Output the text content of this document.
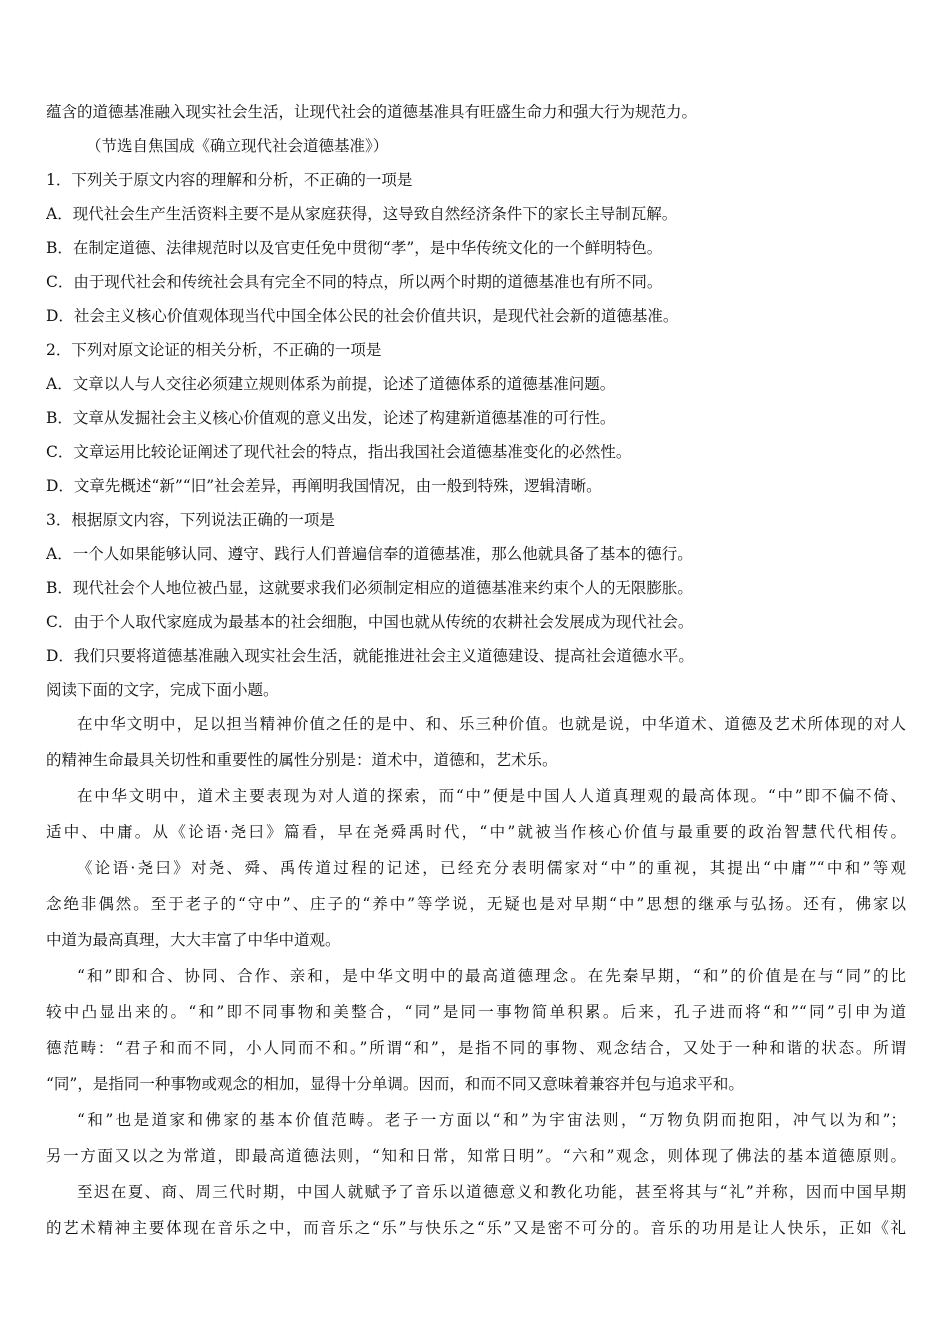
蕴含的道德基准融入现实社会生活，让现代社会的道德基准具有旺盛生命力和强大行为规范力。
（节选自焦国成《确立现代社会道德基准》）
1．下列关于原文内容的理解和分析，不正确的一项是
A．现代社会生产生活资料主要不是从家庭获得，这导致自然经济条件下的家长主导制瓦解。
B．在制定道德、法律规范时以及官吏任免中贯彻“孝”，是中华传统文化的一个鲜明特色。
C．由于现代社会和传统社会具有完全不同的特点，所以两个时期的道德基准也有所不同。
D．社会主义核心价值观体现当代中国全体公民的社会价值共识，是现代社会新的道德基准。
2．下列对原文论证的相关分析，不正确的一项是
A．文章以人与人交往必须建立规则体系为前提，论述了道德体系的道德基准问题。
B．文章从发掘社会主义核心价值观的意义出发，论述了构建新道德基准的可行性。
C．文章运用比较论证阐述了现代社会的特点，指出我国社会道德基准变化的必然性。
D．文章先概述“新”“旧”社会差异，再阐明我国情况，由一般到特殊，逻辑清晰。
3．根据原文内容，下列说法正确的一项是
A．一个人如果能够认同、遵守、践行人们普遍信奉的道德基准，那么他就具备了基本的德行。
B．现代社会个人地位被凸显，这就要求我们必须制定相应的道德基准来约束个人的无限膨胀。
C．由于个人取代家庭成为最基本的社会细胞，中国也就从传统的农耕社会发展成为现代社会。
D．我们只要将道德基准融入现实社会生活，就能推进社会主义道德建设、提高社会道德水平。
阅读下面的文字，完成下面小题。
在中华文明中，足以担当精神价值之任的是中、和、乐三种价值。也就是说，中华道术、道德及艺术所体现的对人
的精神生命最具关切性和重要性的属性分别是：道术中，道德和，艺术乐。
在中华文明中，道术主要表现为对人道的探索，而“中”便是中国人人道真理观的最高体现。“中”即不偏不倚、
适中、中庸。从《论语·尧曰》篇看，早在尧舜禹时代，“中”就被当作核心价值与最重要的政治智慧代代相传。
《论语·尧曰》对尧、舜、禹传道过程的记述，已经充分表明儒家对“中”的重视，其提出“中庸”“中和”等观
念绝非偶然。至于老子的“守中”、庄子的“养中”等学说，无疑也是对早期“中”思想的继承与弘扬。还有，佛家以
中道为最高真理，大大丰富了中华中道观。
“和”即和合、协同、合作、亲和，是中华文明中的最高道德理念。在先秦早期，“和”的价值是在与“同”的比
较中凸显出来的。“和”即不同事物和美整合，“同”是同一事物简单积累。后来，孔子进而将“和”“同”引申为道
德范畴：“君子和而不同，小人同而不和。”所谓“和”，是指不同的事物、观念结合，又处于一种和谐的状态。所谓
“同”，是指同一种事物或观念的相加，显得十分单调。因而，和而不同又意味着兼容并包与追求平和。
“和”也是道家和佛家的基本价值范畴。老子一方面以“和”为宇宙法则，“万物负阴而抱阳，冲气以为和”；
另一方面又以之为常道，即最高道德法则，“知和日常，知常日明”。“六和”观念，则体现了佛法的基本道德原则。
至迟在夏、商、周三代时期，中国人就赋予了音乐以道德意义和教化功能，甚至将其与“礼”并称，因而中国早期
的艺术精神主要体现在音乐之中，而音乐之“乐”与快乐之“乐”又是密不可分的。音乐的功用是让人快乐，正如《礼
